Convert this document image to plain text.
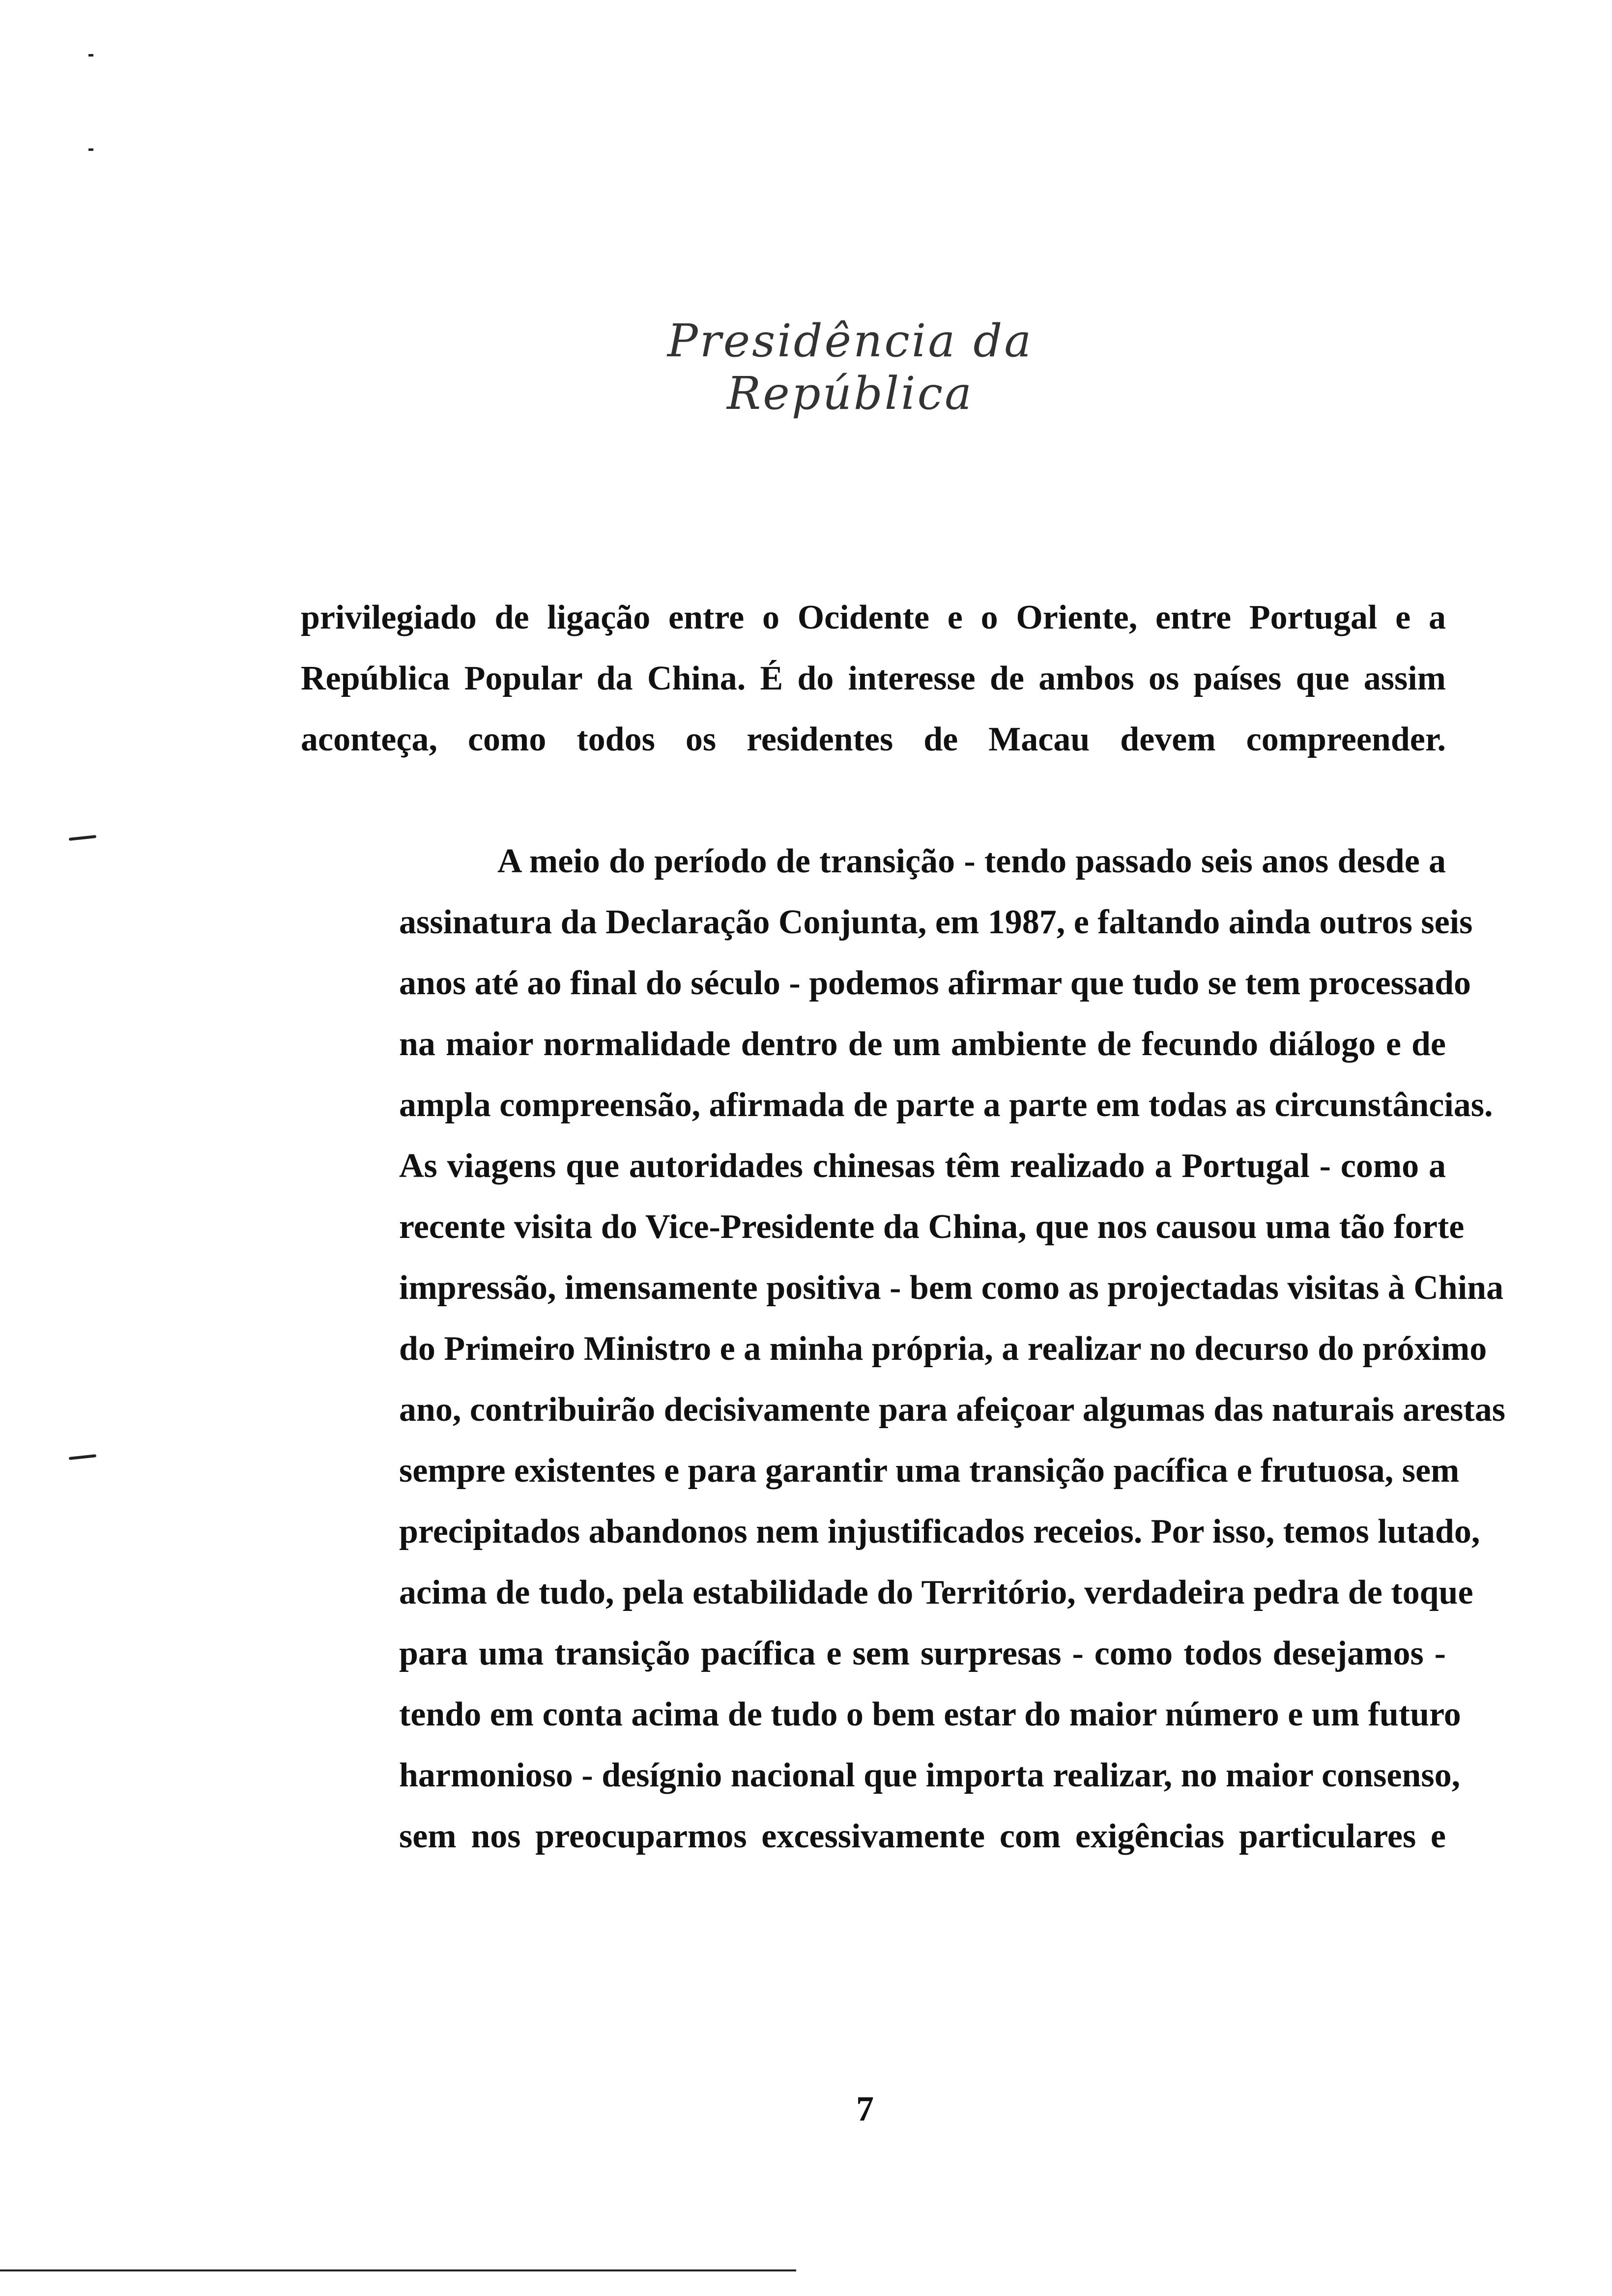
Presidência da República

privilegiado de ligação entre o Ocidente e o Oriente, entre Portugal e a
República Popular da China. É do interesse de ambos os países que assim
aconteça, como todos os residentes de Macau devem compreender.

A meio do período de transição - tendo passado seis anos desde a
assinatura da Declaração Conjunta, em 1987, e faltando ainda outros seis
anos até ao final do século - podemos afirmar que tudo se tem processado
na maior normalidade dentro de um ambiente de fecundo diálogo e de
ampla compreensão, afirmada de parte a parte em todas as circunstâncias.
As viagens que autoridades chinesas têm realizado a Portugal - como a
recente visita do Vice-Presidente da China, que nos causou uma tão forte
impressão, imensamente positiva - bem como as projectadas visitas à China
do Primeiro Ministro e a minha própria, a realizar no decurso do próximo
ano, contribuirão decisivamente para afeiçoar algumas das naturais arestas
sempre existentes e para garantir uma transição pacífica e frutuosa, sem
precipitados abandonos nem injustificados receios. Por isso, temos lutado,
acima de tudo, pela estabilidade do Território, verdadeira pedra de toque
para uma transição pacífica e sem surpresas - como todos desejamos -
tendo em conta acima de tudo o bem estar do maior número e um futuro
harmonioso - desígnio nacional que importa realizar, no maior consenso,
sem nos preocuparmos excessivamente com exigências particulares e

7
